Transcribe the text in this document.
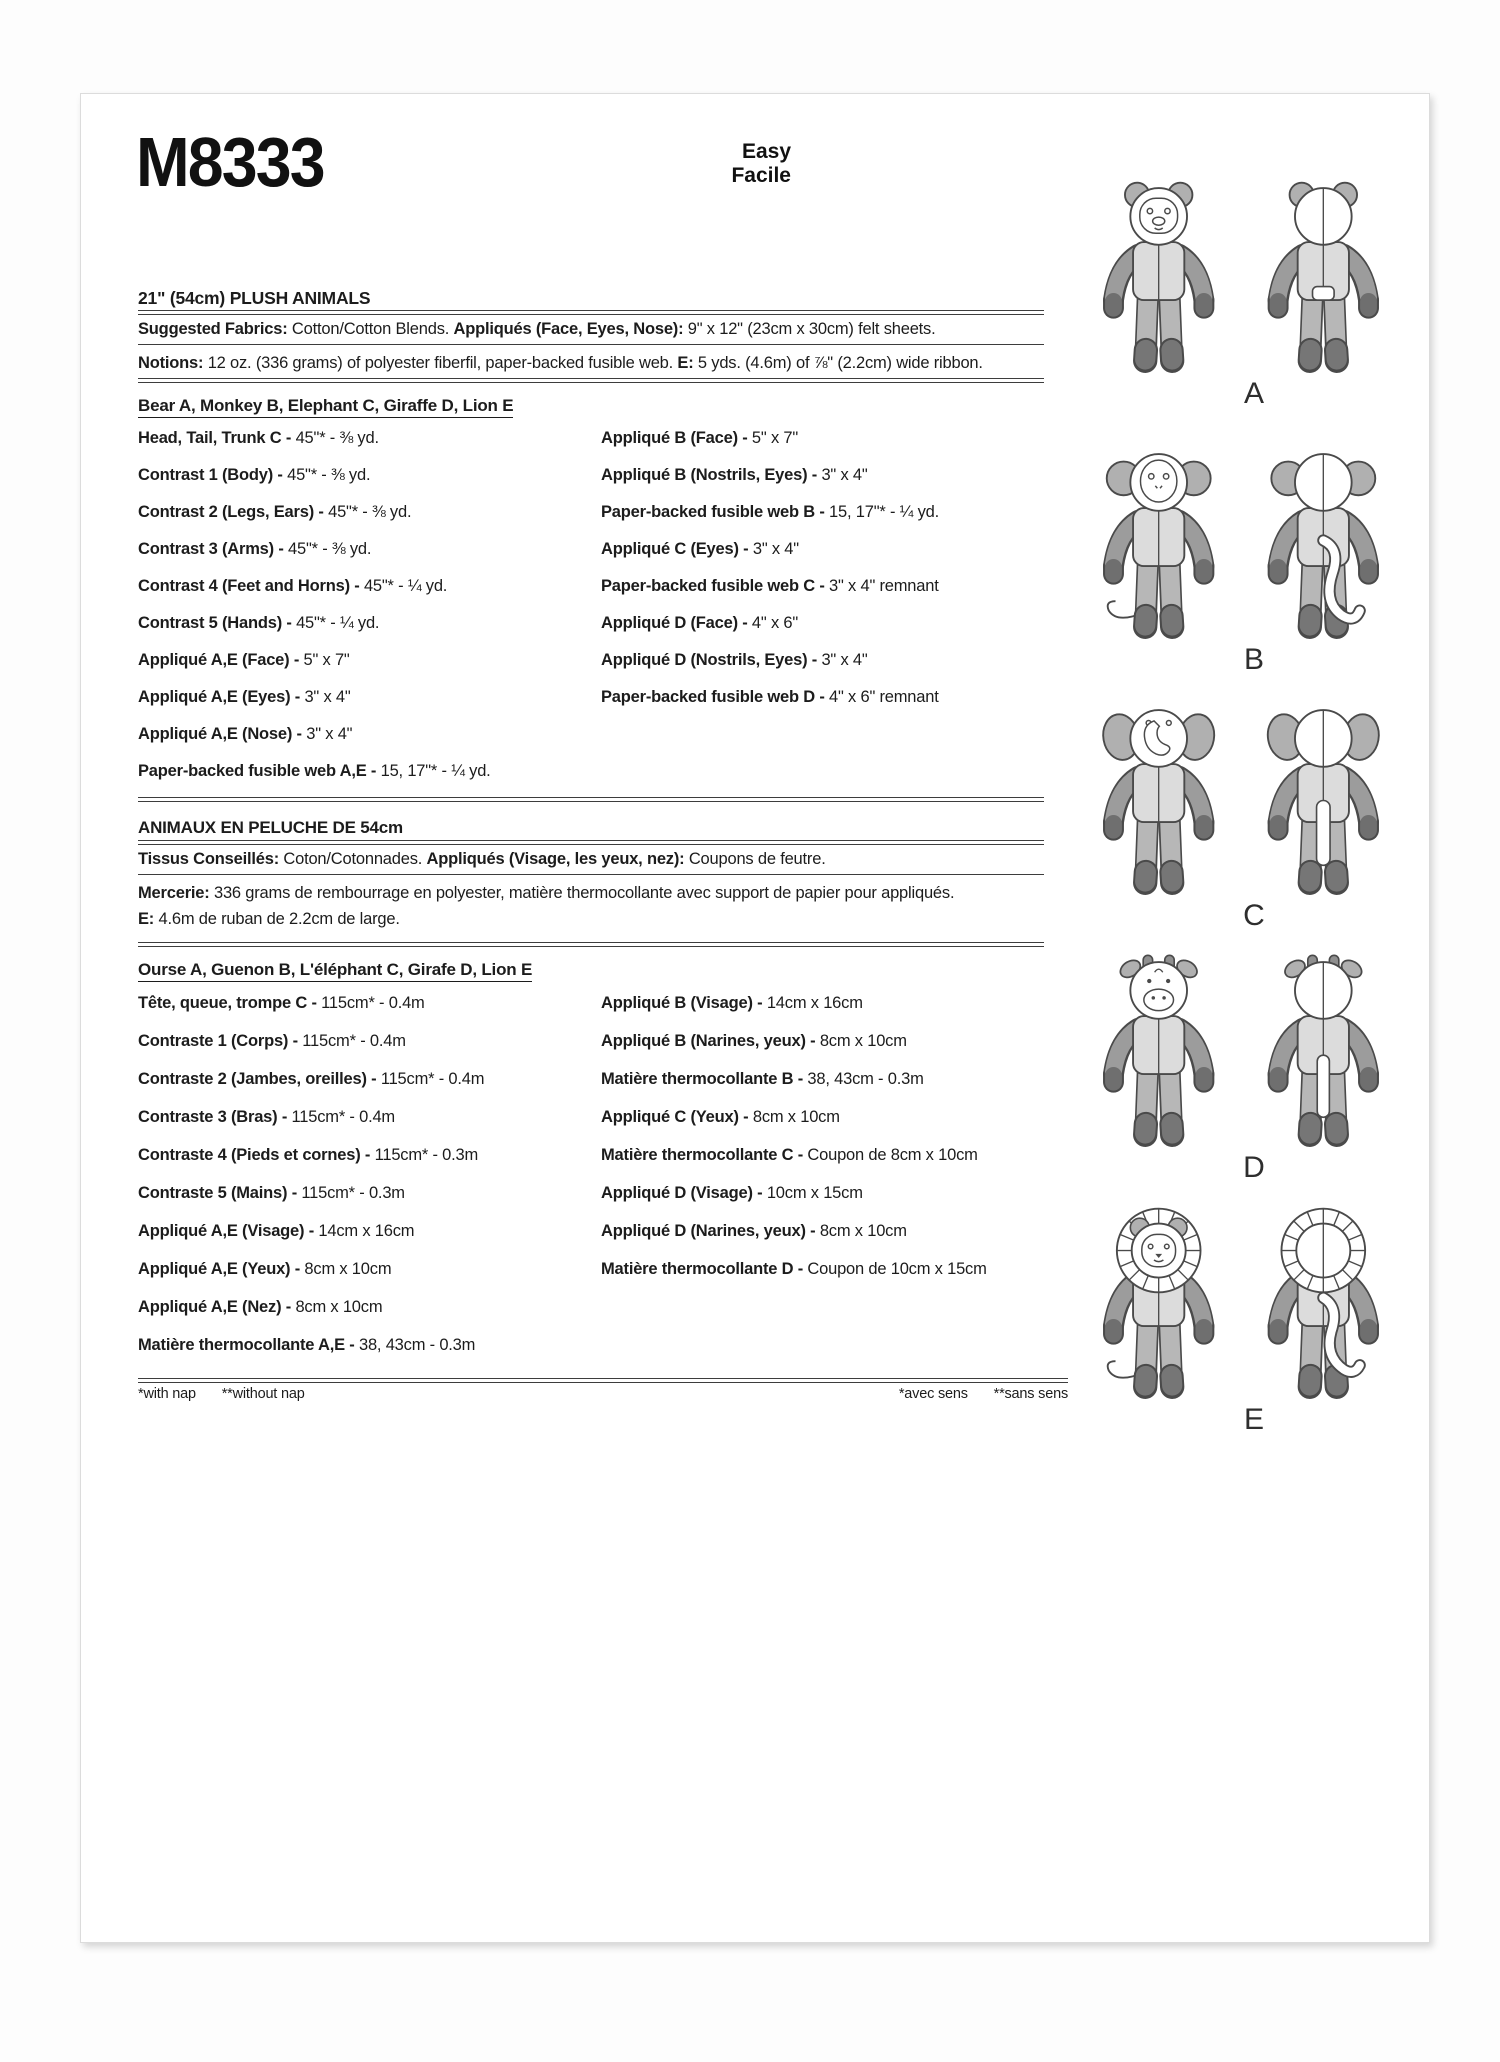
M8333	Easy
Facile
21" (54cm) PLUSH ANIMALS
Suggested Fabrics: Cotton/Cotton Blends. Appliqués (Face, Eyes, Nose): 9" x 12" (23cm x 30cm) felt sheets.
Notions: 12 oz. (336 grams) of polyester fiberfil, paper-backed fusible web. E: 5 yds. (4.6m) of ⅞" (2.2cm) wide ribbon.
Bear A, Monkey B, Elephant C, Giraffe D, Lion E
Head, Tail, Trunk C - 45"* - ⅜ yd.
Contrast 1 (Body) - 45"* - ⅜ yd.
Contrast 2 (Legs, Ears) - 45"* - ⅜ yd.
Contrast 3 (Arms) - 45"* - ⅜ yd.
Contrast 4 (Feet and Horns) - 45"* - ¼ yd.
Contrast 5 (Hands) - 45"* - ¼ yd.
Appliqué A,E (Face) - 5" x 7"
Appliqué A,E (Eyes) - 3" x 4"
Appliqué A,E (Nose) - 3" x 4"
Paper-backed fusible web A,E - 15, 17"* - ¼ yd.
Appliqué B (Face) - 5" x 7"
Appliqué B (Nostrils, Eyes) - 3" x 4"
Paper-backed fusible web B - 15, 17"* - ¼ yd.
Appliqué C (Eyes) - 3" x 4"
Paper-backed fusible web C - 3" x 4" remnant
Appliqué D (Face) - 4" x 6"
Appliqué D (Nostrils, Eyes) - 3" x 4"
Paper-backed fusible web D - 4" x 6" remnant
ANIMAUX EN PELUCHE DE 54cm
Tissus Conseillés: Coton/Cotonnades. Appliqués (Visage, les yeux, nez): Coupons de feutre.
Mercerie: 336 grams de rembourrage en polyester, matière thermocollante avec support de papier pour appliqués.
E: 4.6m de ruban de 2.2cm de large.
Ourse A, Guenon B, L'éléphant C, Girafe D, Lion E
Tête, queue, trompe C - 115cm* - 0.4m
Contraste 1 (Corps) - 115cm* - 0.4m
Contraste 2 (Jambes, oreilles) - 115cm* - 0.4m
Contraste 3 (Bras) - 115cm* - 0.4m
Contraste 4 (Pieds et cornes) - 115cm* - 0.3m
Contraste 5 (Mains) - 115cm* - 0.3m
Appliqué A,E (Visage) - 14cm x 16cm
Appliqué A,E (Yeux) - 8cm x 10cm
Appliqué A,E (Nez) - 8cm x 10cm
Matière thermocollante A,E - 38, 43cm - 0.3m
Appliqué B (Visage) - 14cm x 16cm
Appliqué B (Narines, yeux) - 8cm x 10cm
Matière thermocollante B - 38, 43cm - 0.3m
Appliqué C (Yeux) - 8cm x 10cm
Matière thermocollante C - Coupon de 8cm x 10cm
Appliqué D (Visage) - 10cm x 15cm
Appliqué D (Narines, yeux) - 8cm x 10cm
Matière thermocollante D - Coupon de 10cm x 15cm
*with nap **without nap	*avec sens **sans sens
A
B
C
D
E
